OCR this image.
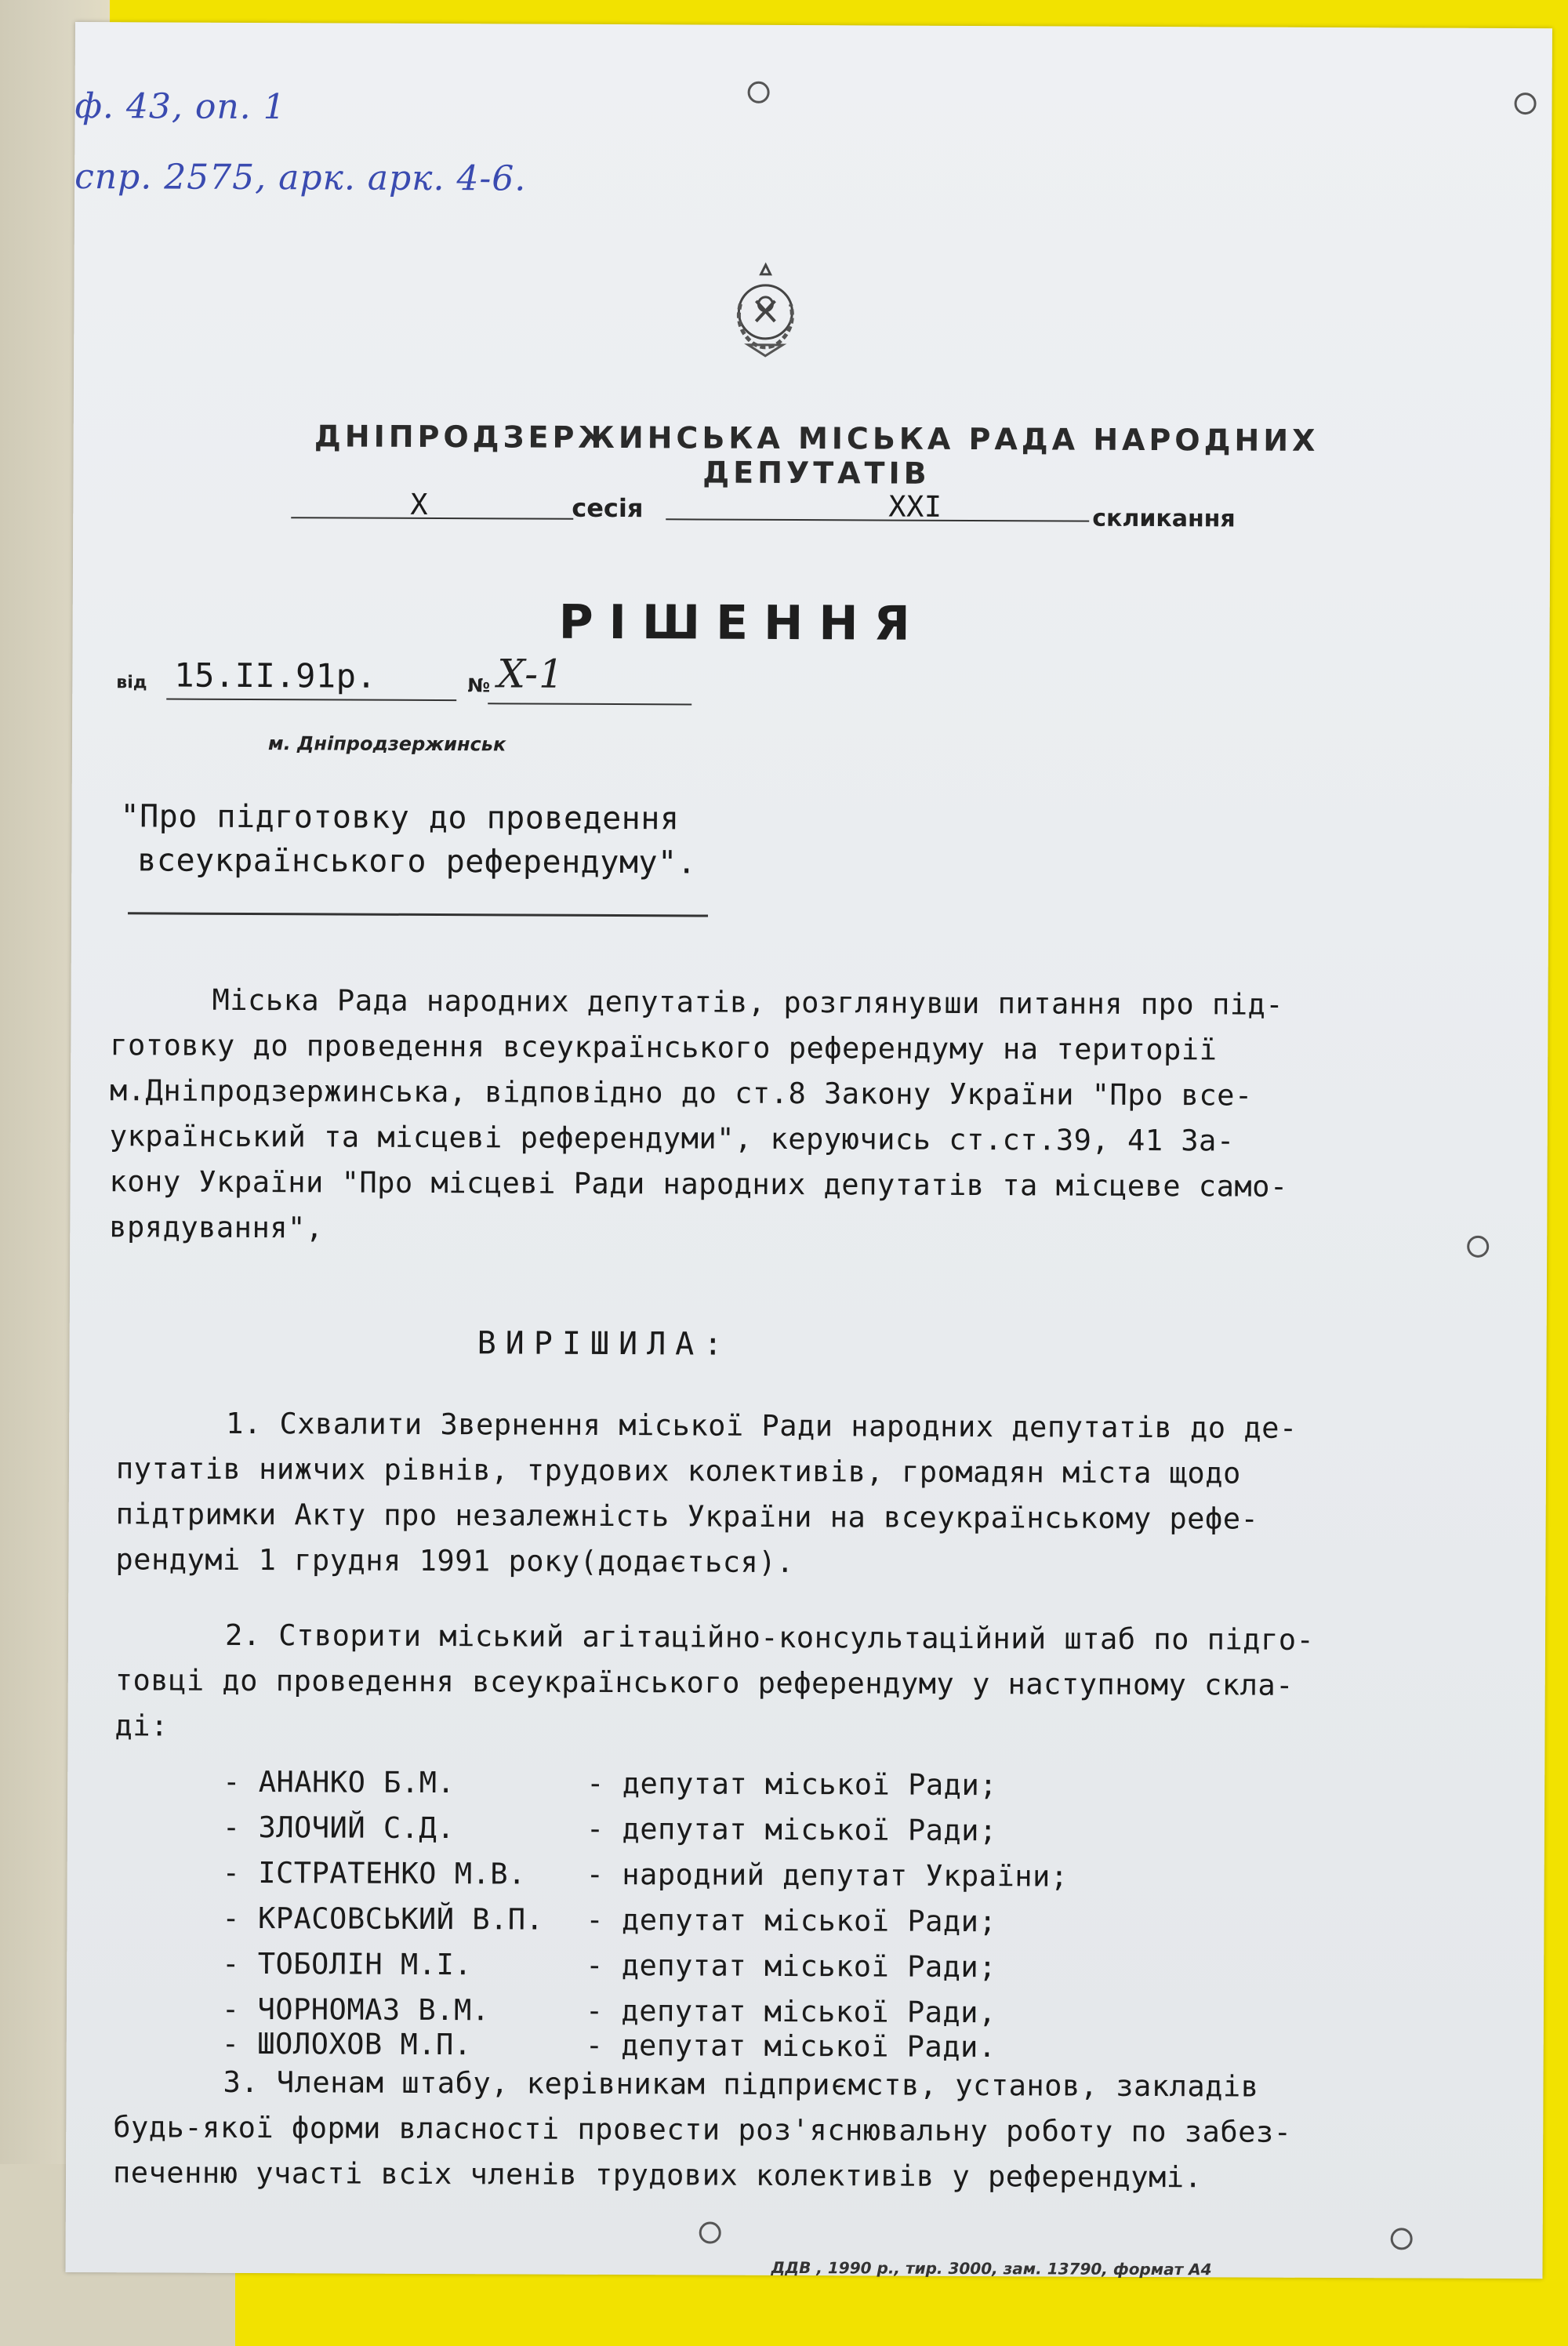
ф. 43, оп. 1
спр. 2575, арк. арк. 4-6.
ДНІПРОДЗЕРЖИНСЬКА МІСЬКА РАДА НАРОДНИХ ДЕПУТАТІВ
X	сесія	XXI	скликання
РІШЕННЯ
від 15.II.91р.	№ X-1
м. Дніпродзержинськ
"Про підготовку до проведення
всеукраїнського референдуму".
Міська Рада народних депутатів, розглянувши питання про під-
готовку до проведення всеукраїнського референдуму на території
м.Дніпродзержинська, відповідно до ст.8 Закону України "Про все-
український та місцеві референдуми", керуючись ст.ст.39, 41 За-
кону України "Про місцеві Ради народних депутатів та місцеве само-
врядування",
ВИРІШИЛА:
1. Схвалити Звернення міської Ради народних депутатів до де-
путатів нижчих рівнів, трудових колективів, громадян міста щодо
підтримки Акту про незалежність України на всеукраїнському рефе-
рендумі 1 грудня 1991 року(додається).
2. Створити міський агітаційно-консультаційний штаб по підго-
товці до проведення всеукраїнського референдуму у наступному скла-
ді:
- АНАНКО Б.М.	- депутат міської Ради;
- ЗЛОЧИЙ С.Д.	- депутат міської Ради;
- ІСТРАТЕНКО М.В. - народний депутат України;
- КРАСОВСЬКИЙ В.П. - депутат міської Ради;
- ТОБОЛІН М.І.	- депутат міської Ради;
- ЧОРНОМАЗ В.М.	- депутат міської Ради,
- ШОЛОХОВ М.П.	- депутат міської Ради.
3. Членам штабу, керівникам підприємств, установ, закладів
будь-якої форми власності провести роз'яснювальну роботу по забез-
печенню участі всіх членів трудових колективів у референдумі.
ДДВ , 1990 р., тир. 3000, зам. 13790, формат А4
